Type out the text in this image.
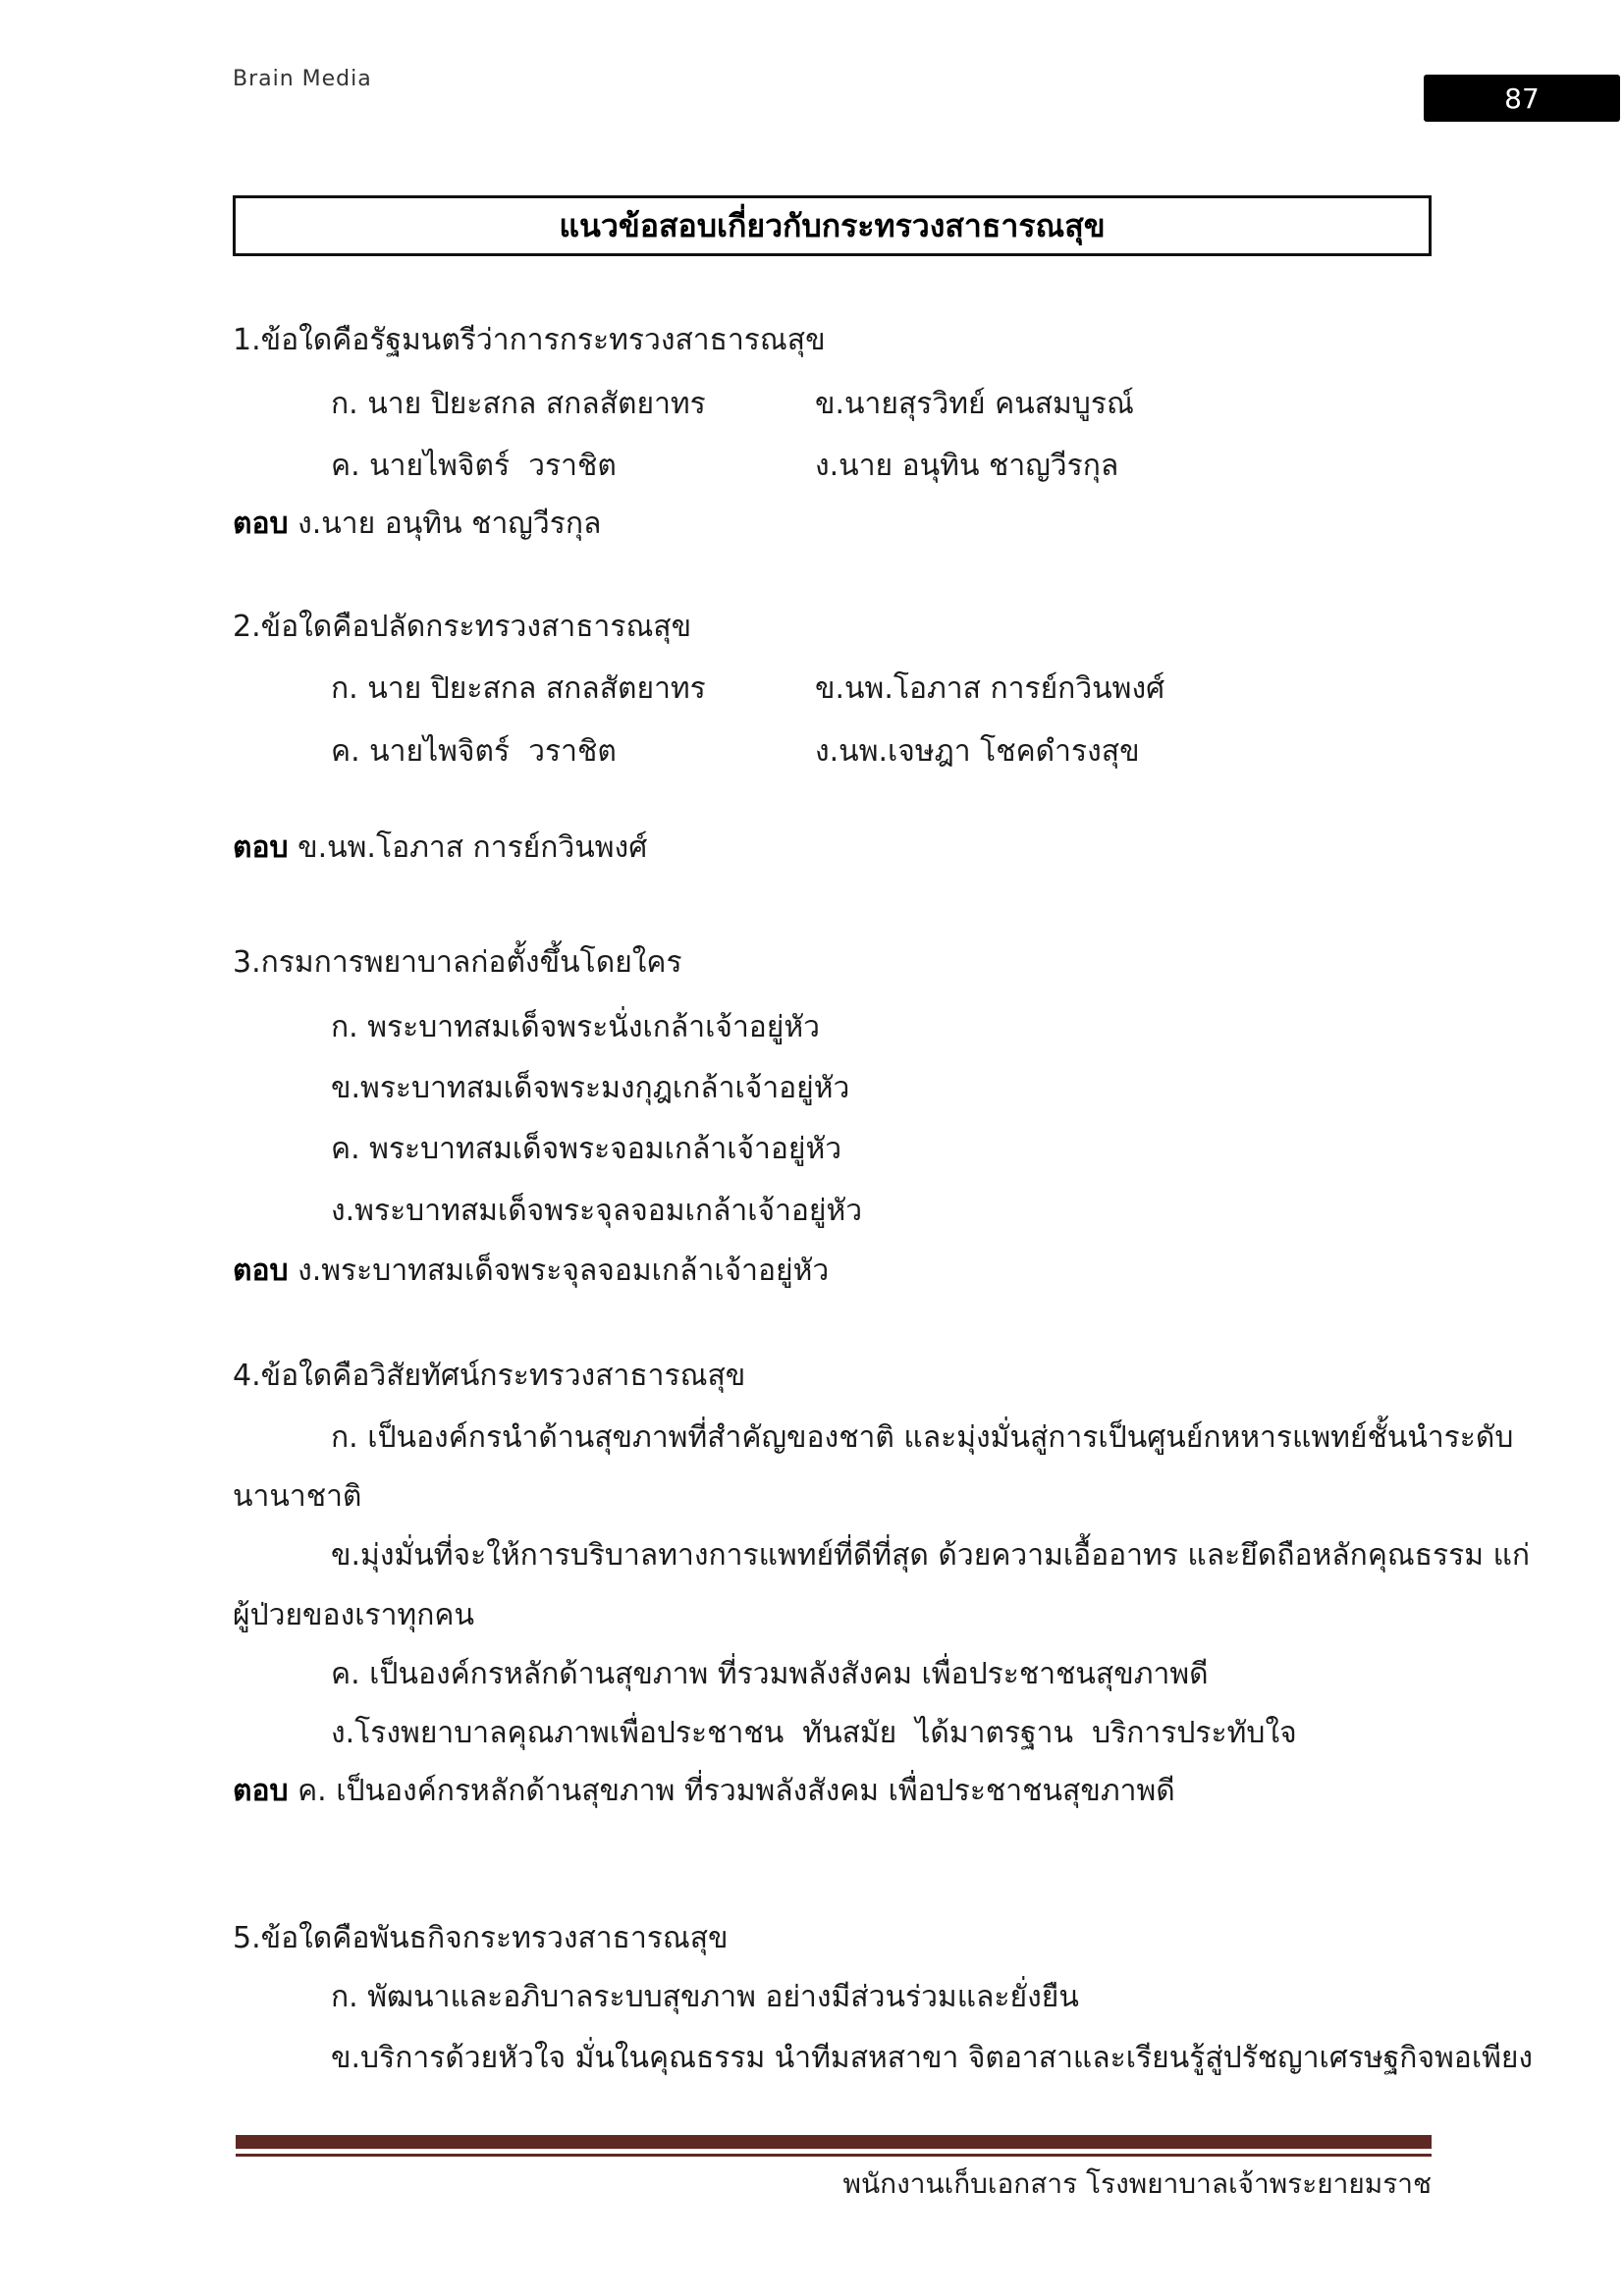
Brain Media
87
แนวข้อสอบเกี่ยวกับกระทรวงสาธารณสุข
1.ข้อใดคือรัฐมนตรีว่าการกระทรวงสาธารณสุข
ก. นาย ปิยะสกล สกลสัตยาทร	ข.นายสุรวิทย์ คนสมบูรณ์
ค. นายไพจิตร์  วราชิต	ง.นาย อนุทิน ชาญวีรกุล
ตอบ ง.นาย อนุทิน ชาญวีรกุล
2.ข้อใดคือปลัดกระทรวงสาธารณสุข
ก. นาย ปิยะสกล สกลสัตยาทร	ข.นพ.โอภาส การย์กวินพงศ์
ค. นายไพจิตร์  วราชิต	ง.นพ.เจษฎา โชคดำรงสุข
ตอบ ข.นพ.โอภาส การย์กวินพงศ์
3.กรมการพยาบาลก่อตั้งขึ้นโดยใคร
ก. พระบาทสมเด็จพระนั่งเกล้าเจ้าอยู่หัว
ข.พระบาทสมเด็จพระมงกุฎเกล้าเจ้าอยู่หัว
ค. พระบาทสมเด็จพระจอมเกล้าเจ้าอยู่หัว
ง.พระบาทสมเด็จพระจุลจอมเกล้าเจ้าอยู่หัว
ตอบ ง.พระบาทสมเด็จพระจุลจอมเกล้าเจ้าอยู่หัว
4.ข้อใดคือวิสัยทัศน์กระทรวงสาธารณสุข
ก. เป็นองค์กรนำด้านสุขภาพที่สำคัญของชาติ และมุ่งมั่นสู่การเป็นศูนย์กหหารแพทย์ชั้นนำระดับ
นานาชาติ
ข.มุ่งมั่นที่จะให้การบริบาลทางการแพทย์ที่ดีที่สุด ด้วยความเอื้ออาทร และยึดถือหลักคุณธรรม แก่
ผู้ป่วยของเราทุกคน
ค. เป็นองค์กรหลักด้านสุขภาพ ที่รวมพลังสังคม เพื่อประชาชนสุขภาพดี
ง.โรงพยาบาลคุณภาพเพื่อประชาชน  ทันสมัย  ได้มาตรฐาน  บริการประทับใจ
ตอบ ค. เป็นองค์กรหลักด้านสุขภาพ ที่รวมพลังสังคม เพื่อประชาชนสุขภาพดี
5.ข้อใดคือพันธกิจกระทรวงสาธารณสุข
ก. พัฒนาและอภิบาลระบบสุขภาพ อย่างมีส่วนร่วมและยั่งยืน
ข.บริการด้วยหัวใจ มั่นในคุณธรรม นำทีมสหสาขา จิตอาสาและเรียนรู้สู่ปรัชญาเศรษฐกิจพอเพียง
พนักงานเก็บเอกสาร โรงพยาบาลเจ้าพระยายมราช
